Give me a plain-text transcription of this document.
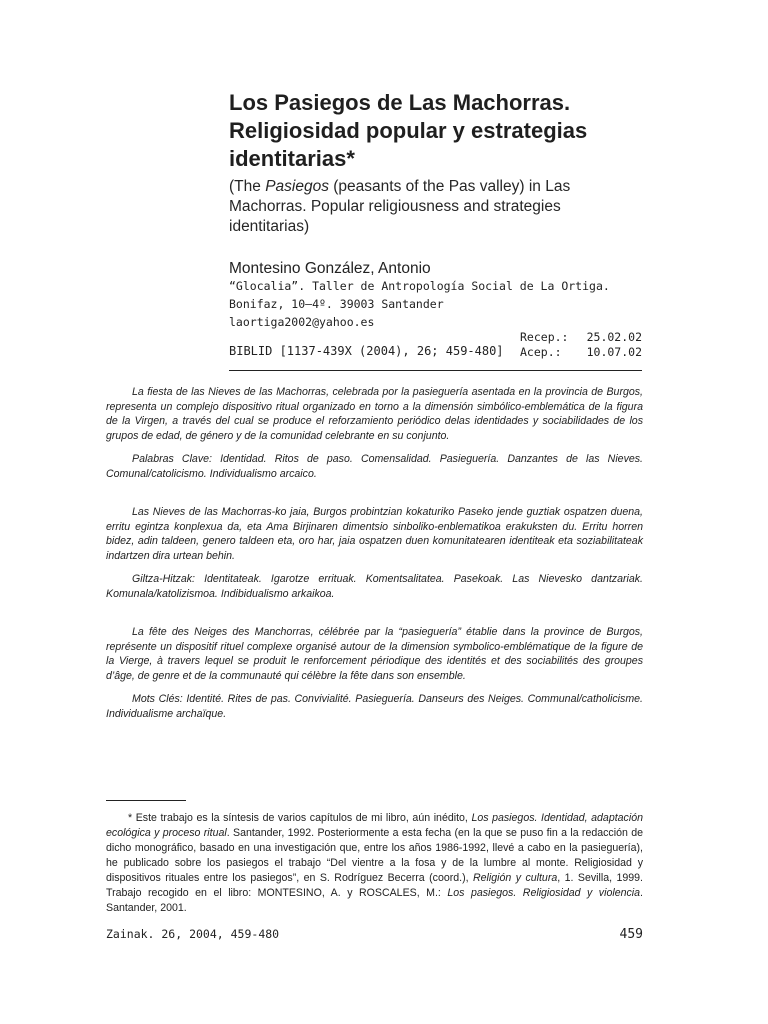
Los Pasiegos de Las Machorras. Religiosidad popular y estrategias identitarias*

(The Pasiegos (peasants of the Pas valley) in Las Machorras. Popular religiousness and strategies identitarias)

Montesino González, Antonio
“Glocalia”. Taller de Antropología Social de La Ortiga.
Bonifaz, 10–4º. 39003 Santander
laortiga2002@yahoo.es
Recep.: 25.02.02
Acep.: 10.07.02
BIBLID [1137-439X (2004), 26; 459-480]

La fiesta de las Nieves de las Machorras, celebrada por la pasieguería asentada en la provincia de Burgos, representa un complejo dispositivo ritual organizado en torno a la dimensión simbólico-emblemática de la figura de la Virgen, a través del cual se produce el reforzamiento periódico delas identidades y sociabilidades de los grupos de edad, de género y de la comunidad celebrante en su conjunto.

Palabras Clave: Identidad. Ritos de paso. Comensalidad. Pasieguería. Danzantes de las Nieves. Comunal/catolicismo. Individualismo arcaico.

Las Nieves de las Machorras-ko jaia, Burgos probintzian kokaturiko Paseko jende guztiak ospatzen duena, erritu egintza konplexua da, eta Ama Birjinaren dimentsio sinboliko-enblematikoa erakuksten du. Erritu horren bidez, adin taldeen, genero taldeen eta, oro har, jaia ospatzen duen komunitatearen identiteak eta soziabilitateak indartzen dira urtean behin.

Giltza-Hitzak: Identitateak. Igarotze errituak. Komentsalitatea. Pasekoak. Las Nievesko dantzariak. Komunala/katolizismoa. Indibidualismo arkaikoa.

La fête des Neiges des Manchorras, célébrée par la “pasieguería” établie dans la province de Burgos, représente un dispositif rituel complexe organisé autour de la dimension symbolico-emblématique de la figure de la Vierge, à travers lequel se produit le renforcement périodique des identités et des sociabilités des groupes d’âge, de genre et de la communauté qui célèbre la fête dans son ensemble.

Mots Clés: Identité. Rites de pas. Convivialité. Pasieguería. Danseurs des Neiges. Communal/catholicisme. Individualisme archaïque.

* Este trabajo es la síntesis de varios capítulos de mi libro, aún inédito, Los pasiegos. Identidad, adaptación ecológica y proceso ritual. Santander, 1992. Posteriormente a esta fecha (en la que se puso fin a la redacción de dicho monográfico, basado en una investigación que, entre los años 1986-1992, llevé a cabo en la pasieguería), he publicado sobre los pasiegos el trabajo “Del vientre a la fosa y de la lumbre al monte. Religiosidad y dispositivos rituales entre los pasiegos”, en S. Rodríguez Becerra (coord.), Religión y cultura, 1. Sevilla, 1999. Trabajo recogido en el libro: MONTESINO, A. y ROSCALES, M.: Los pasiegos. Religiosidad y violencia. Santander, 2001.

Zainak. 26, 2004, 459-480	459
